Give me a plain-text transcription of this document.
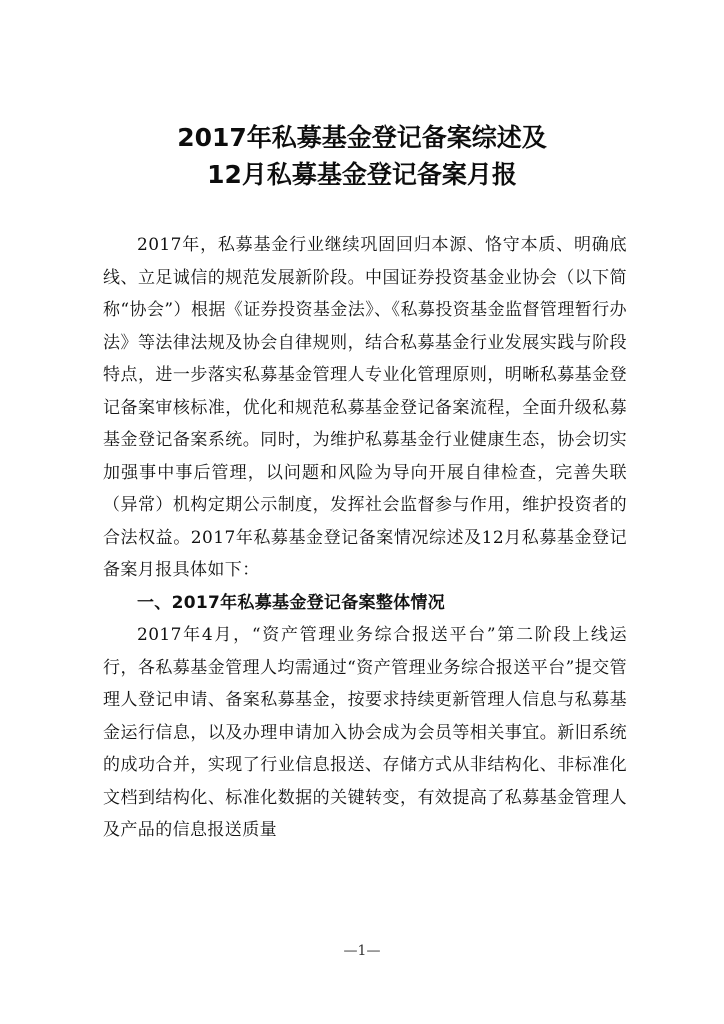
2017年私募基金登记备案综述及
12月私募基金登记备案月报

2017年，私募基金行业继续巩固回归本源、恪守本质、明确底线、立足诚信的规范发展新阶段。中国证券投资基金业协会（以下简称“协会”）根据《证券投资基金法》、《私募投资基金监督管理暂行办法》等法律法规及协会自律规则，结合私募基金行业发展实践与阶段特点，进一步落实私募基金管理人专业化管理原则，明晰私募基金登记备案审核标准，优化和规范私募基金登记备案流程，全面升级私募基金登记备案系统。同时，为维护私募基金行业健康生态，协会切实加强事中事后管理，以问题和风险为导向开展自律检查，完善失联（异常）机构定期公示制度，发挥社会监督参与作用，维护投资者的合法权益。2017年私募基金登记备案情况综述及12月私募基金登记备案月报具体如下：

一、2017年私募基金登记备案整体情况

2017年4月，“资产管理业务综合报送平台”第二阶段上线运行，各私募基金管理人均需通过“资产管理业务综合报送平台”提交管理人登记申请、备案私募基金，按要求持续更新管理人信息与私募基金运行信息，以及办理申请加入协会成为会员等相关事宜。新旧系统的成功合并，实现了行业信息报送、存储方式从非结构化、非标准化文档到结构化、标准化数据的关键转变，有效提高了私募基金管理人及产品的信息报送质量

—1—
